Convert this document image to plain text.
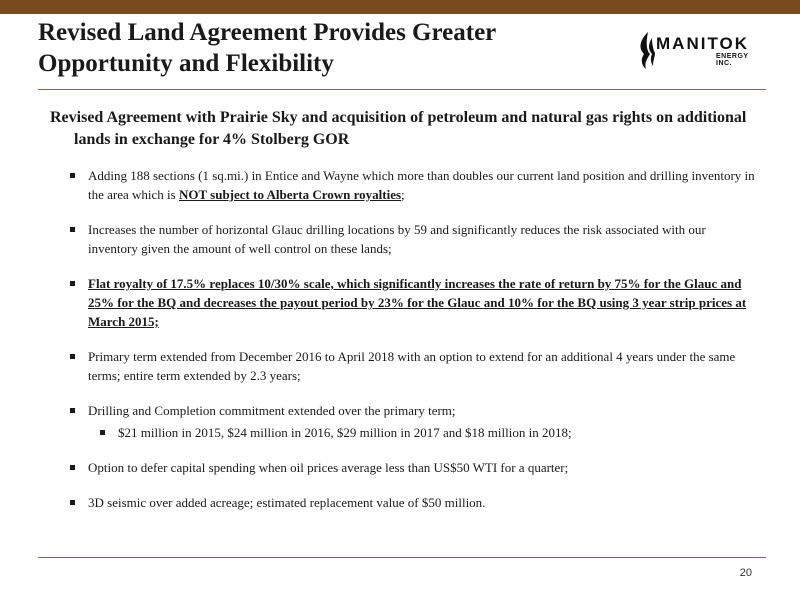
Revised Land Agreement Provides Greater
Opportunity and Flexibility
MANITOK
ENERGY INC.
Revised Agreement with Prairie Sky and acquisition of petroleum and natural gas rights on additional lands in exchange for 4% Stolberg GOR
Adding 188 sections (1 sq.mi.) in Entice and Wayne which more than doubles our current land position and drilling inventory in the area which is NOT subject to Alberta Crown royalties;
Increases the number of horizontal Glauc drilling locations by 59 and significantly reduces the risk associated with our inventory given the amount of well control on these lands;
Flat royalty of 17.5% replaces 10/30% scale, which significantly increases the rate of return by 75% for the Glauc and 25% for the BQ and decreases the payout period by 23% for the Glauc and 10% for the BQ using 3 year strip prices at March 2015;
Primary term extended from December 2016 to April 2018 with an option to extend for an additional 4 years under the same terms; entire term extended by 2.3 years;
Drilling and Completion commitment extended over the primary term;
$21 million in 2015, $24 million in 2016, $29 million in 2017 and $18 million in 2018;
Option to defer capital spending when oil prices average less than US$50 WTI for a quarter;
3D seismic over added acreage; estimated replacement value of $50 million.
20
